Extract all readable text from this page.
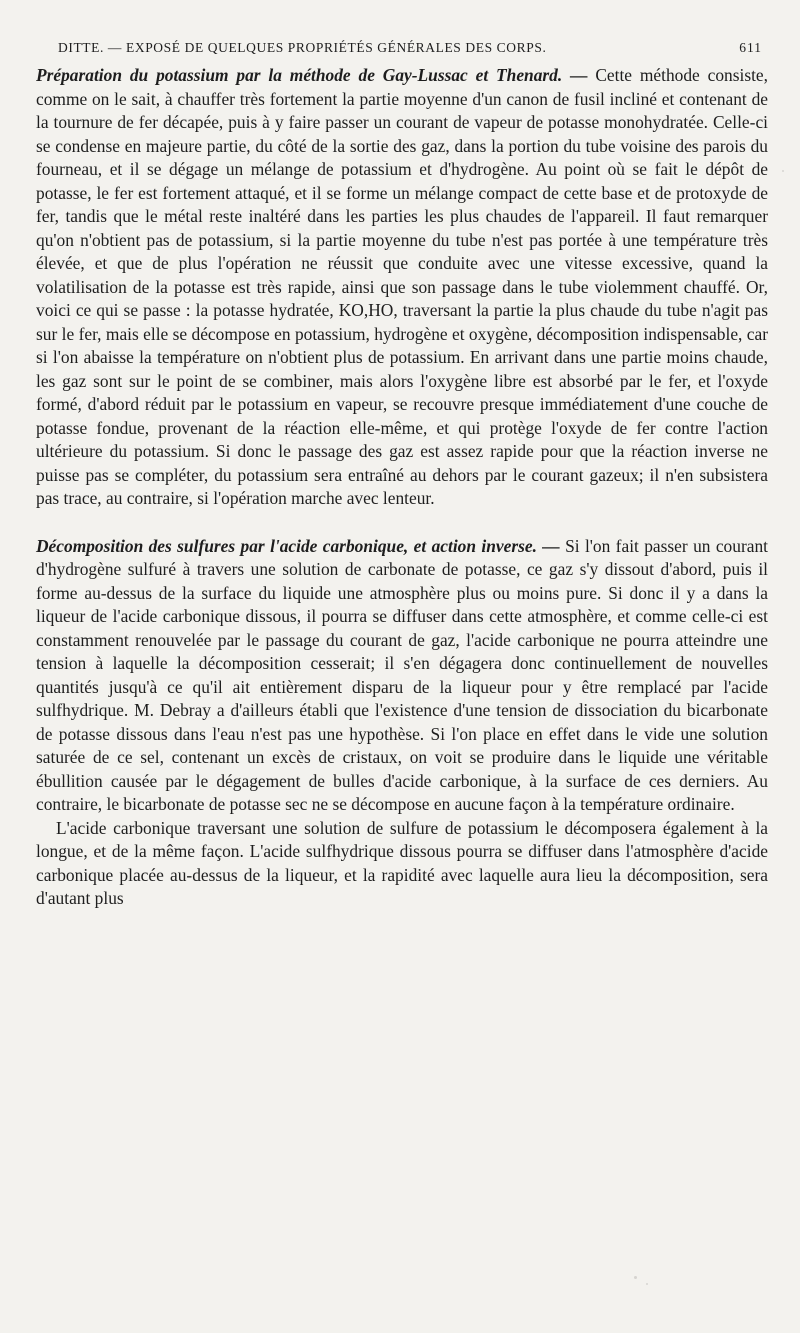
DITTE. — EXPOSÉ DE QUELQUES PROPRIÉTÉS GÉNÉRALES DES CORPS.	611

Préparation du potassium par la méthode de Gay-Lussac et Thenard. — Cette méthode consiste, comme on le sait, à chauffer très fortement la partie moyenne d'un canon de fusil incliné et contenant de la tournure de fer décapée, puis à y faire passer un courant de vapeur de potasse monohydratée. Celle-ci se condense en majeure partie, du côté de la sortie des gaz, dans la portion du tube voisine des parois du fourneau, et il se dégage un mélange de potassium et d'hydrogène. Au point où se fait le dépôt de potasse, le fer est fortement attaqué, et il se forme un mélange compact de cette base et de protoxyde de fer, tandis que le métal reste inaltéré dans les parties les plus chaudes de l'appareil. Il faut remarquer qu'on n'obtient pas de potassium, si la partie moyenne du tube n'est pas portée à une température très élevée, et que de plus l'opération ne réussit que conduite avec une vitesse excessive, quand la volatilisation de la potasse est très rapide, ainsi que son passage dans le tube violemment chauffé. Or, voici ce qui se passe : la potasse hydratée, KO,HO, traversant la partie la plus chaude du tube n'agit pas sur le fer, mais elle se décompose en potassium, hydrogène et oxygène, décomposition indispensable, car si l'on abaisse la température on n'obtient plus de potassium. En arrivant dans une partie moins chaude, les gaz sont sur le point de se combiner, mais alors l'oxygène libre est absorbé par le fer, et l'oxyde formé, d'abord réduit par le potassium en vapeur, se recouvre presque immédiatement d'une couche de potasse fondue, provenant de la réaction elle-même, et qui protège l'oxyde de fer contre l'action ultérieure du potassium. Si donc le passage des gaz est assez rapide pour que la réaction inverse ne puisse pas se compléter, du potassium sera entraîné au dehors par le courant gazeux; il n'en subsistera pas trace, au contraire, si l'opération marche avec lenteur.

Décomposition des sulfures par l'acide carbonique, et action inverse. — Si l'on fait passer un courant d'hydrogène sulfuré à travers une solution de carbonate de potasse, ce gaz s'y dissout d'abord, puis il forme au-dessus de la surface du liquide une atmosphère plus ou moins pure. Si donc il y a dans la liqueur de l'acide carbonique dissous, il pourra se diffuser dans cette atmosphère, et comme celle-ci est constamment renouvelée par le passage du courant de gaz, l'acide carbonique ne pourra atteindre une tension à laquelle la décomposition cesserait; il s'en dégagera donc continuellement de nouvelles quantités jusqu'à ce qu'il ait entièrement disparu de la liqueur pour y être remplacé par l'acide sulfhydrique. M. Debray a d'ailleurs établi que l'existence d'une tension de dissociation du bicarbonate de potasse dissous dans l'eau n'est pas une hypothèse. Si l'on place en effet dans le vide une solution saturée de ce sel, contenant un excès de cristaux, on voit se produire dans le liquide une véritable ébullition causée par le dégagement de bulles d'acide carbonique, à la surface de ces derniers. Au contraire, le bicarbonate de potasse sec ne se décompose en aucune façon à la température ordinaire.

L'acide carbonique traversant une solution de sulfure de potassium le décomposera également à la longue, et de la même façon. L'acide sulfhydrique dissous pourra se diffuser dans l'atmosphère d'acide carbonique placée au-dessus de la liqueur, et la rapidité avec laquelle aura lieu la décomposition, sera d'autant plus
